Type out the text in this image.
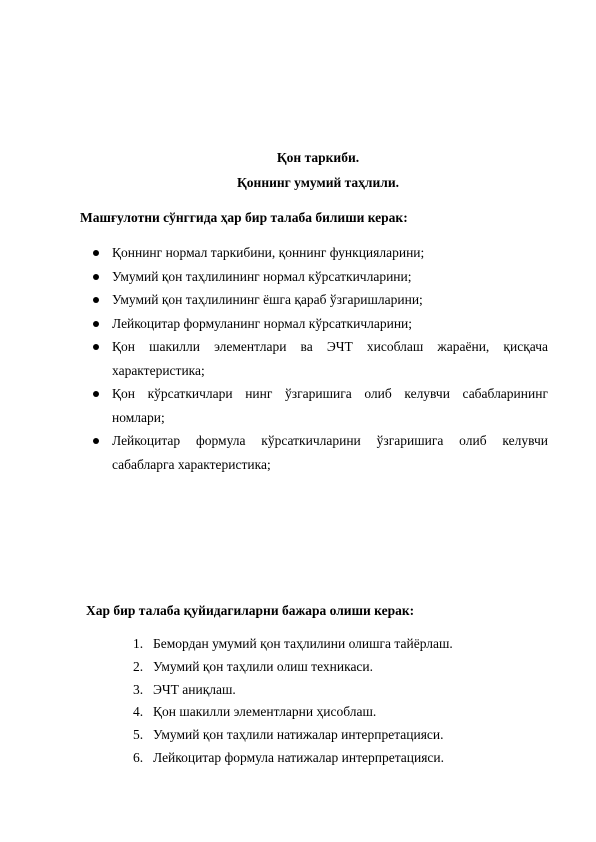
Қон таркиби.

Қоннинг умумий таҳлили.

Машғулотни сўнггида ҳар бир талаба билиши керак:

Қоннинг нормал таркибини, қоннинг функцияларини;
Умумий қон таҳлилининг нормал кўрсаткичларини;
Умумий қон таҳлилининг ёшга қараб ўзгаришларини;
Лейкоцитар формуланинг нормал кўрсаткичларини;
Қон шакилли элементлари ва ЭЧТ хисоблаш жараёни, қисқача
характеристика;
Қон кўрсаткичлари нинг ўзгаришига олиб келувчи сабабларининг
номлари;
Лейкоцитар формула кўрсаткичларини ўзгаришига олиб келувчи
сабабларга характеристика;

Хар бир талаба қуйидагиларни бажара олиши керак:

1. Бемордан умумий қон таҳлилини олишга тайёрлаш.
2. Умумий қон таҳлили олиш техникаси.
3. ЭЧТ аниқлаш.
4. Қон шакилли элементларни ҳисоблаш.
5. Умумий қон таҳлили натижалар интерпретацияси.
6. Лейкоцитар формула натижалар интерпретацияси.
